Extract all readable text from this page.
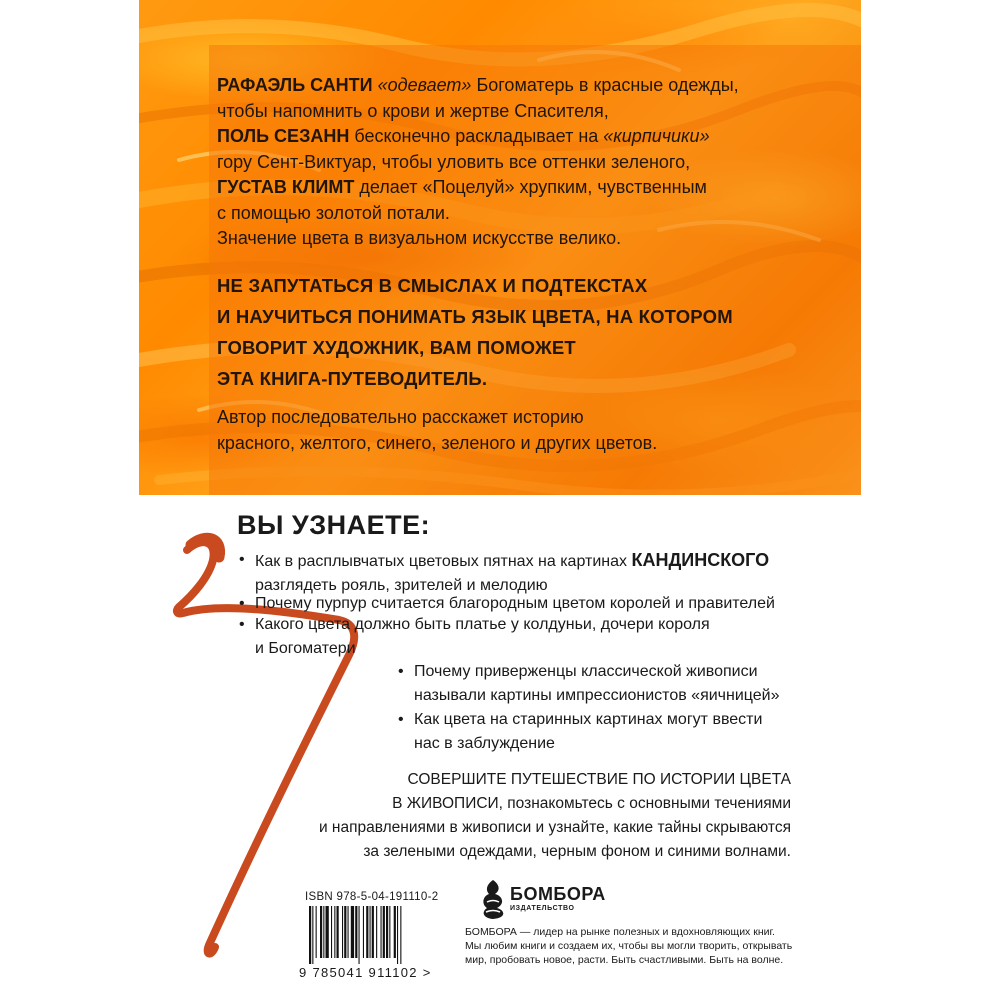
РАФАЭЛЬ САНТИ «одевает» Богоматерь в красные одежды,
чтобы напомнить о крови и жертве Спасителя,
ПОЛЬ СЕЗАНН бесконечно раскладывает на «кирпичики»
гору Сент-Виктуар, чтобы уловить все оттенки зеленого,
ГУСТАВ КЛИМТ делает «Поцелуй» хрупким, чувственным
с помощью золотой потали.
Значение цвета в визуальном искусстве велико.
НЕ ЗАПУТАТЬСЯ В СМЫСЛАХ И ПОДТЕКСТАХ
И НАУЧИТЬСЯ ПОНИМАТЬ ЯЗЫК ЦВЕТА, НА КОТОРОМ
ГОВОРИТ ХУДОЖНИК, ВАМ ПОМОЖЕТ
ЭТА КНИГА-ПУТЕВОДИТЕЛЬ.
Автор последовательно расскажет историю
красного, желтого, синего, зеленого и других цветов.
ВЫ УЗНАЕТЕ:
• Как в расплывчатых цветовых пятнах на картинах КАНДИНСКОГО
разглядеть рояль, зрителей и мелодию
• Почему пурпур считается благородным цветом королей и правителей
• Какого цвета должно быть платье у колдуньи, дочери короля
и Богоматери
• Почему приверженцы классической живописи
называли картины импрессионистов «яичницей»
• Как цвета на старинных картинах могут ввести
нас в заблуждение
СОВЕРШИТЕ ПУТЕШЕСТВИЕ ПО ИСТОРИИ ЦВЕТА
В ЖИВОПИСИ, познакомьтесь с основными течениями
и направлениями в живописи и узнайте, какие тайны скрываются
за зелеными одеждами, черным фоном и синими волнами.
ISBN 978-5-04-191110-2
9 785041 911102 >
БОМБОРА
ИЗДАТЕЛЬСТВО
БОМБОРА — лидер на рынке полезных и вдохновляющих книг.
Мы любим книги и создаем их, чтобы вы могли творить, открывать
мир, пробовать новое, расти. Быть счастливыми. Быть на волне.
